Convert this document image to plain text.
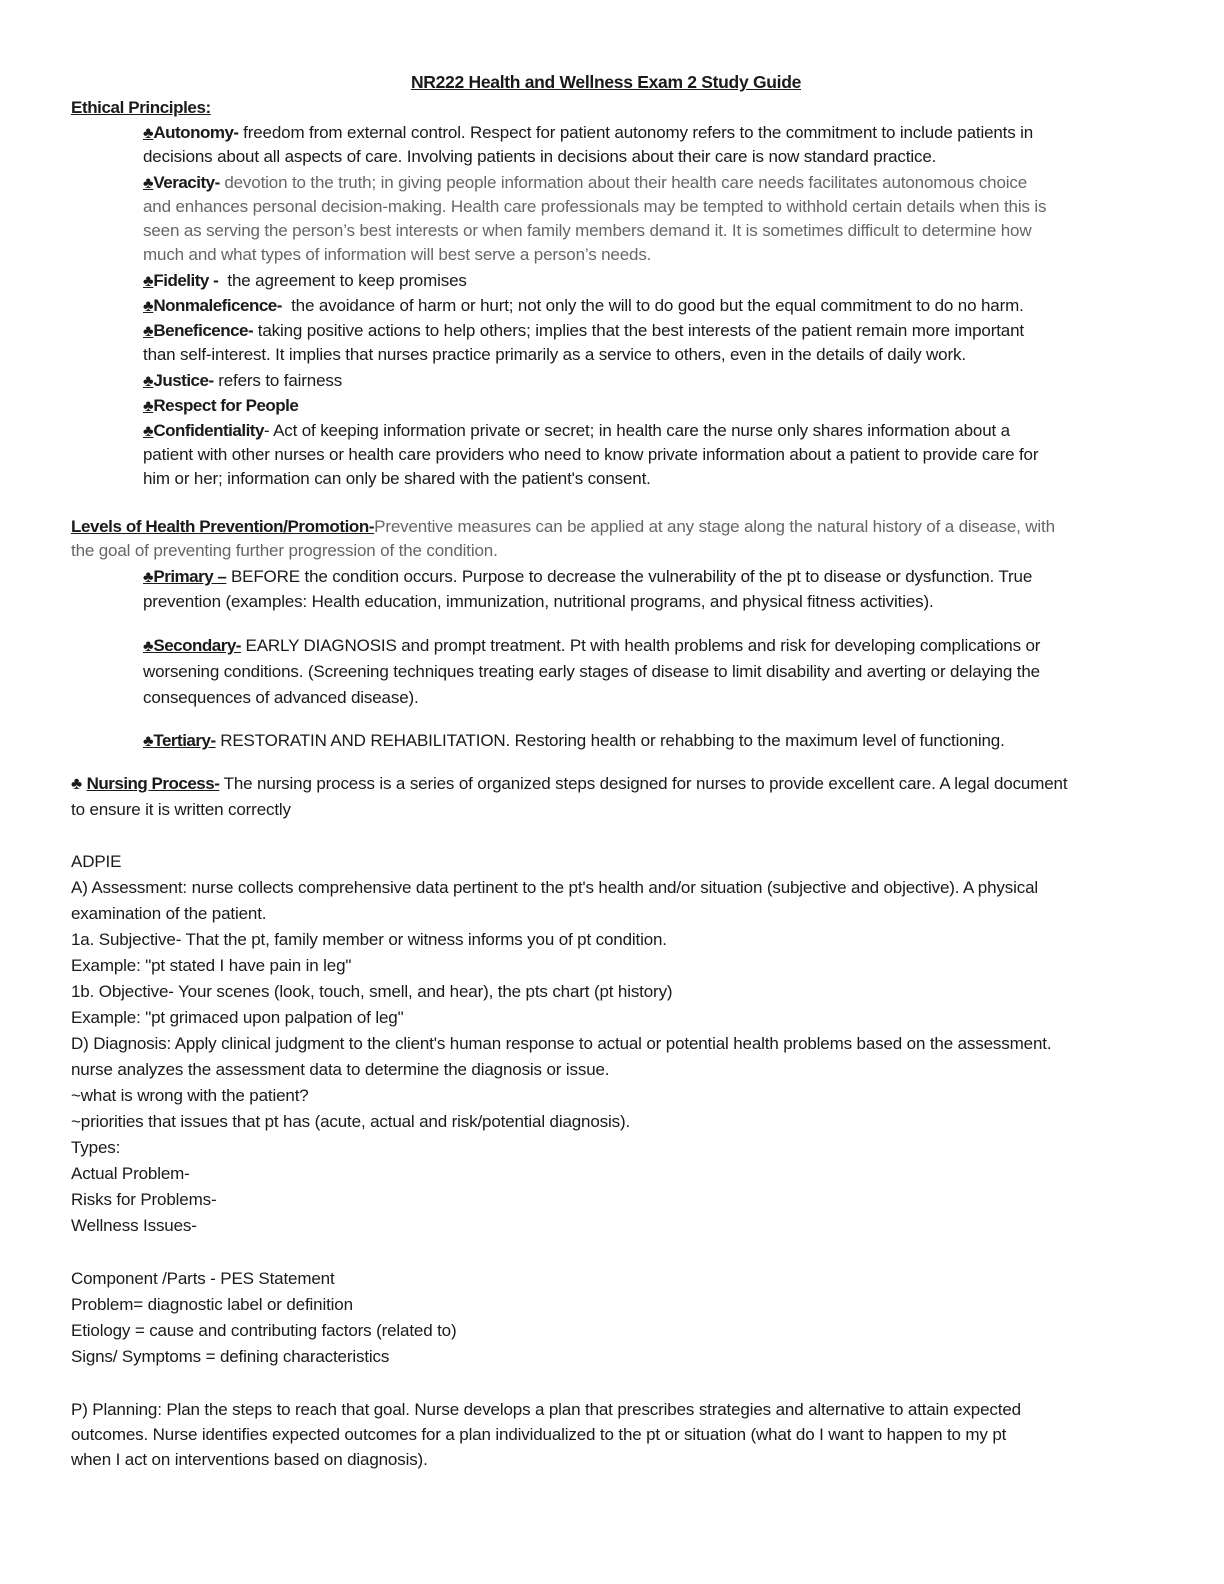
NR222 Health and Wellness Exam 2 Study Guide
Ethical Principles:
♣Autonomy- freedom from external control. Respect for patient autonomy refers to the commitment to include patients in
decisions about all aspects of care. Involving patients in decisions about their care is now standard practice.
♣Veracity- devotion to the truth; in giving people information about their health care needs facilitates autonomous choice
and enhances personal decision-making. Health care professionals may be tempted to withhold certain details when this is
seen as serving the person’s best interests or when family members demand it. It is sometimes difficult to determine how
much and what types of information will best serve a person’s needs.
♣Fidelity - the agreement to keep promises
♣Nonmaleficence- the avoidance of harm or hurt; not only the will to do good but the equal commitment to do no harm.
♣Beneficence- taking positive actions to help others; implies that the best interests of the patient remain more important
than self-interest. It implies that nurses practice primarily as a service to others, even in the details of daily work.
♣Justice- refers to fairness
♣Respect for People
♣Confidentiality- Act of keeping information private or secret; in health care the nurse only shares information about a
patient with other nurses or health care providers who need to know private information about a patient to provide care for
him or her; information can only be shared with the patient's consent.
Levels of Health Prevention/Promotion-Preventive measures can be applied at any stage along the natural history of a disease, with
the goal of preventing further progression of the condition.
♣Primary – BEFORE the condition occurs. Purpose to decrease the vulnerability of the pt to disease or dysfunction. True
prevention (examples: Health education, immunization, nutritional programs, and physical fitness activities).
♣Secondary- EARLY DIAGNOSIS and prompt treatment. Pt with health problems and risk for developing complications or
worsening conditions. (Screening techniques treating early stages of disease to limit disability and averting or delaying the
consequences of advanced disease).
♣Tertiary- RESTORATIN AND REHABILITATION. Restoring health or rehabbing to the maximum level of functioning.
♣ Nursing Process- The nursing process is a series of organized steps designed for nurses to provide excellent care. A legal document
to ensure it is written correctly
ADPIE
A) Assessment: nurse collects comprehensive data pertinent to the pt's health and/or situation (subjective and objective). A physical
examination of the patient.
1a. Subjective- That the pt, family member or witness informs you of pt condition.
Example: "pt stated I have pain in leg"
1b. Objective- Your scenes (look, touch, smell, and hear), the pts chart (pt history)
Example: "pt grimaced upon palpation of leg"
D) Diagnosis: Apply clinical judgment to the client's human response to actual or potential health problems based on the assessment.
nurse analyzes the assessment data to determine the diagnosis or issue.
~what is wrong with the patient?
~priorities that issues that pt has (acute, actual and risk/potential diagnosis).
Types:
Actual Problem-
Risks for Problems-
Wellness Issues-
Component /Parts - PES Statement
Problem= diagnostic label or definition
Etiology = cause and contributing factors (related to)
Signs/ Symptoms = defining characteristics
P) Planning: Plan the steps to reach that goal. Nurse develops a plan that prescribes strategies and alternative to attain expected
outcomes. Nurse identifies expected outcomes for a plan individualized to the pt or situation (what do I want to happen to my pt
when I act on interventions based on diagnosis).
